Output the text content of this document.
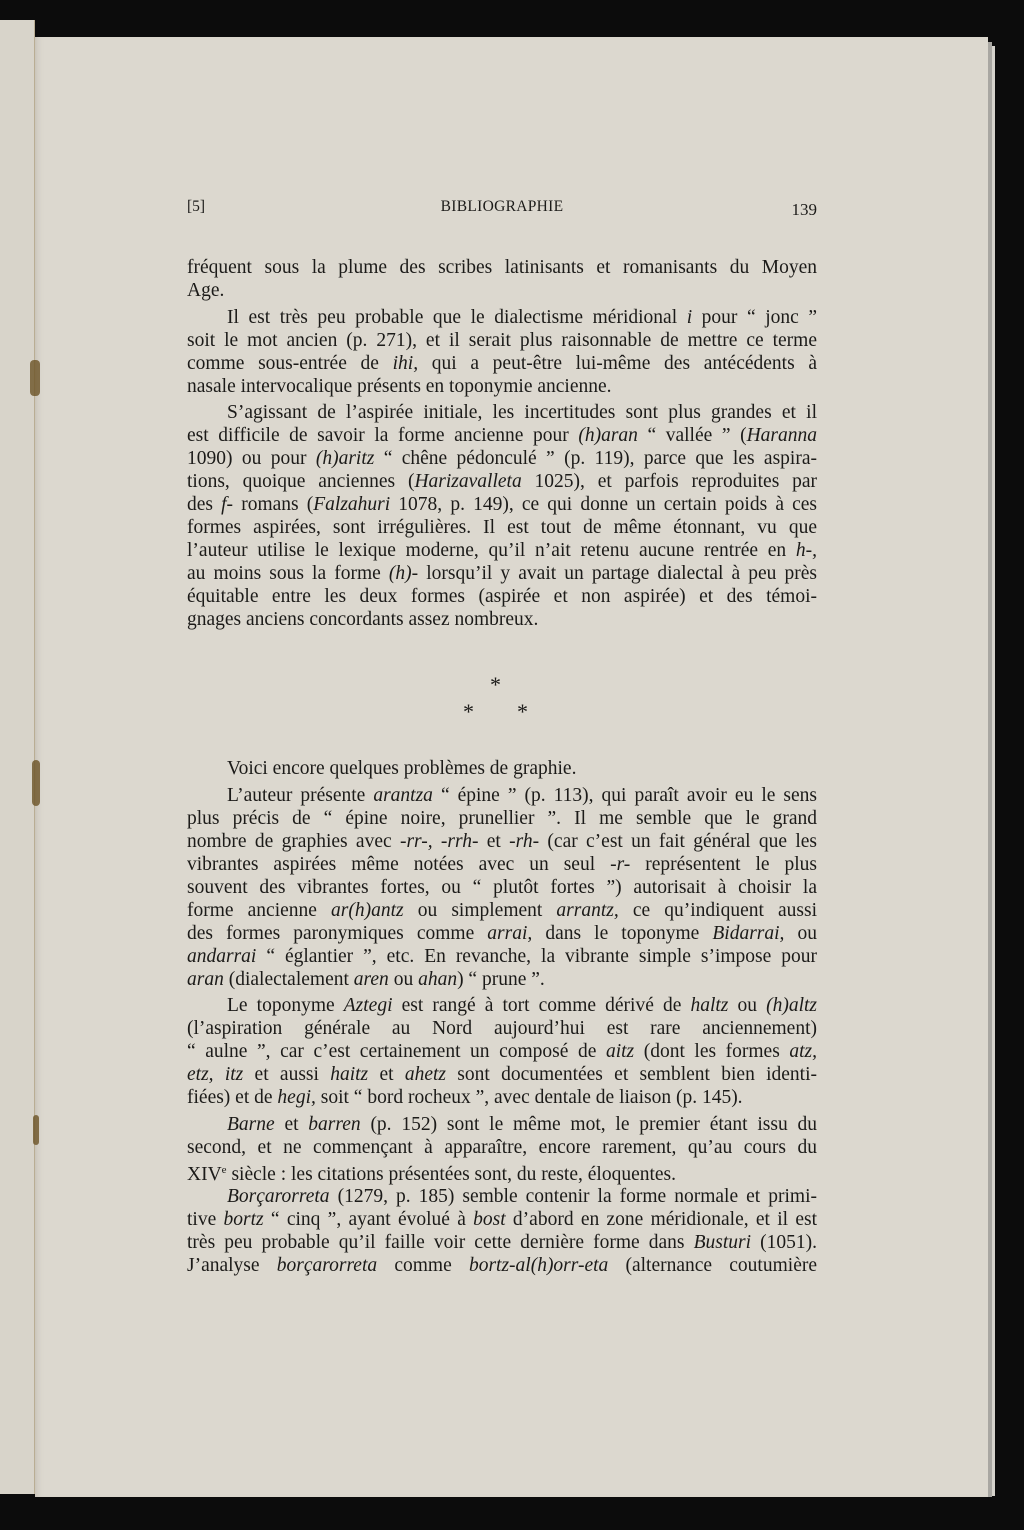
[5]	BIBLIOGRAPHIE	139
fréquent sous la plume des scribes latinisants et romanisants du Moyen
Age.
Il est très peu probable que le dialectisme méridional i pour “ jonc ”
soit le mot ancien (p. 271), et il serait plus raisonnable de mettre ce terme
comme sous-entrée de ihi, qui a peut-être lui-même des antécédents à
nasale intervocalique présents en toponymie ancienne.
S’agissant de l’aspirée initiale, les incertitudes sont plus grandes et il
est difficile de savoir la forme ancienne pour (h)aran “ vallée ” (Haranna
1090) ou pour (h)aritz “ chêne pédonculé ” (p. 119), parce que les aspira-
tions, quoique anciennes (Harizavalleta 1025), et parfois reproduites par
des f- romans (Falzahuri 1078, p. 149), ce qui donne un certain poids à ces
formes aspirées, sont irrégulières. Il est tout de même étonnant, vu que
l’auteur utilise le lexique moderne, qu’il n’ait retenu aucune rentrée en h-,
au moins sous la forme (h)- lorsqu’il y avait un partage dialectal à peu près
équitable entre les deux formes (aspirée et non aspirée) et des témoi-
gnages anciens concordants assez nombreux.
Voici encore quelques problèmes de graphie.
L’auteur présente arantza “ épine ” (p. 113), qui paraît avoir eu le sens
plus précis de “ épine noire, prunellier ”. Il me semble que le grand
nombre de graphies avec -rr-, -rrh- et -rh- (car c’est un fait général que les
vibrantes aspirées même notées avec un seul -r- représentent le plus
souvent des vibrantes fortes, ou “ plutôt fortes ”) autorisait à choisir la
forme ancienne ar(h)antz ou simplement arrantz, ce qu’indiquent aussi
des formes paronymiques comme arrai, dans le toponyme Bidarrai, ou
andarrai “ églantier ”, etc. En revanche, la vibrante simple s’impose pour
aran (dialectalement aren ou ahan) “ prune ”.
Le toponyme Aztegi est rangé à tort comme dérivé de haltz ou (h)altz
(l’aspiration générale au Nord aujourd’hui est rare anciennement)
“ aulne ”, car c’est certainement un composé de aitz (dont les formes atz,
etz, itz et aussi haitz et ahetz sont documentées et semblent bien identi-
fiées) et de hegi, soit “ bord rocheux ”, avec dentale de liaison (p. 145).
Barne et barren (p. 152) sont le même mot, le premier étant issu du
second, et ne commençant à apparaître, encore rarement, qu’au cours du
XIVe siècle : les citations présentées sont, du reste, éloquentes.
Borçarorreta (1279, p. 185) semble contenir la forme normale et primi-
tive bortz “ cinq ”, ayant évolué à bost d’abord en zone méridionale, et il est
très peu probable qu’il faille voir cette dernière forme dans Busturi (1051).
J’analyse borçarorreta comme bortz-al(h)orr-eta (alternance coutumière
*
* *
